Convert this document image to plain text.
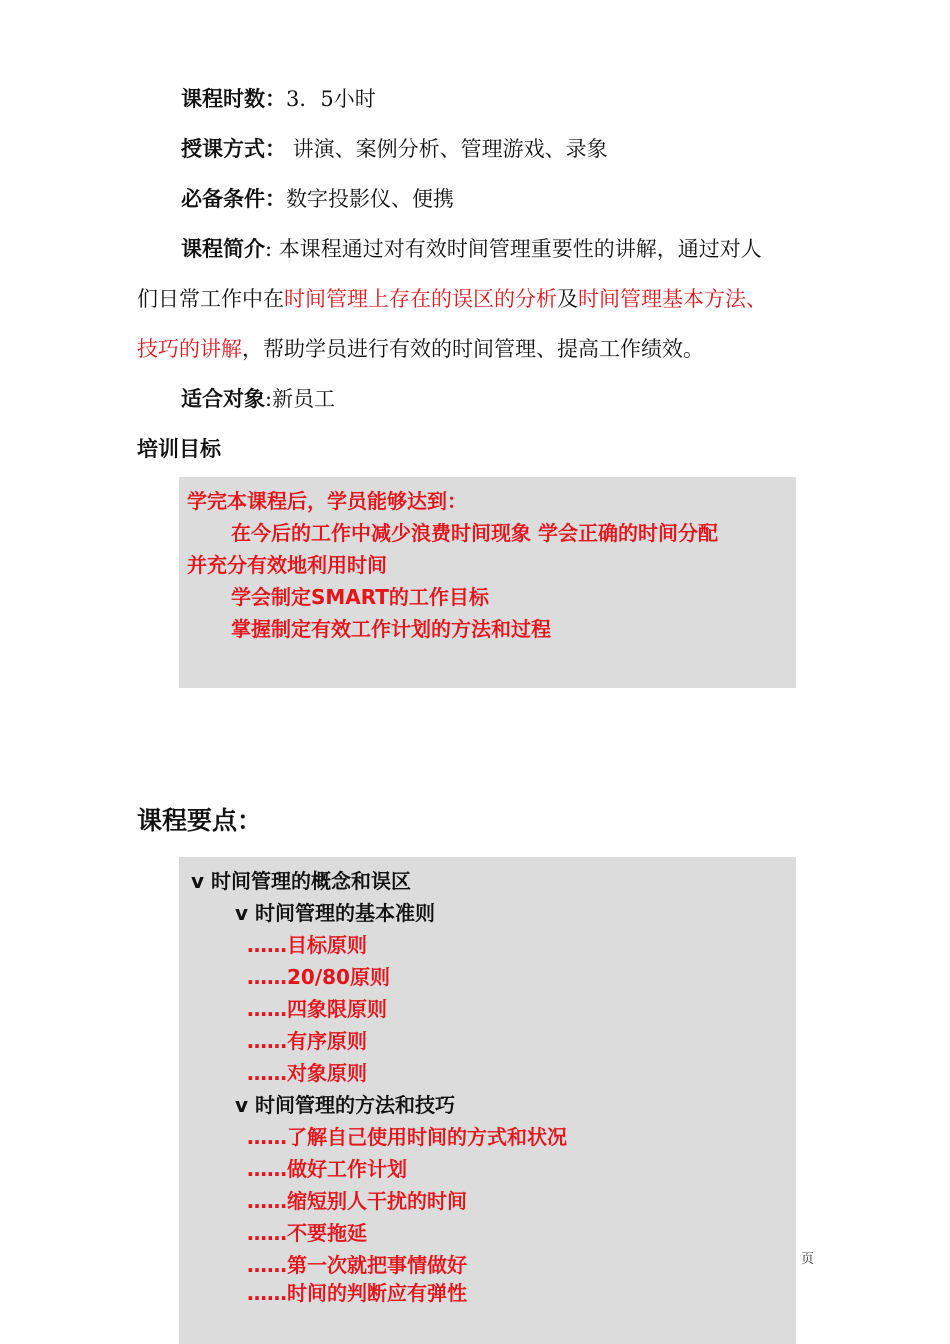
课程时数：3．5小时
授课方式： 讲演、案例分析、管理游戏、录象
必备条件：数字投影仪、便携
课程简介: 本课程通过对有效时间管理重要性的讲解，通过对人
们日常工作中在时间管理上存在的误区的分析及时间管理基本方法、
技巧的讲解，帮助学员进行有效的时间管理、提高工作绩效。
适合对象:新员工
培训目标
学完本课程后，学员能够达到：
在今后的工作中减少浪费时间现象 学会正确的时间分配
并充分有效地利用时间
学会制定SMART的工作目标
掌握制定有效工作计划的方法和过程
课程要点：
v 时间管理的概念和误区
v 时间管理的基本准则
……目标原则
……20/80原则
……四象限原则
……有序原则
……对象原则
v 时间管理的方法和技巧
……了解自己使用时间的方式和状况
……做好工作计划
……缩短别人干扰的时间
……不要拖延
……第一次就把事情做好
……时间的判断应有弹性
页
